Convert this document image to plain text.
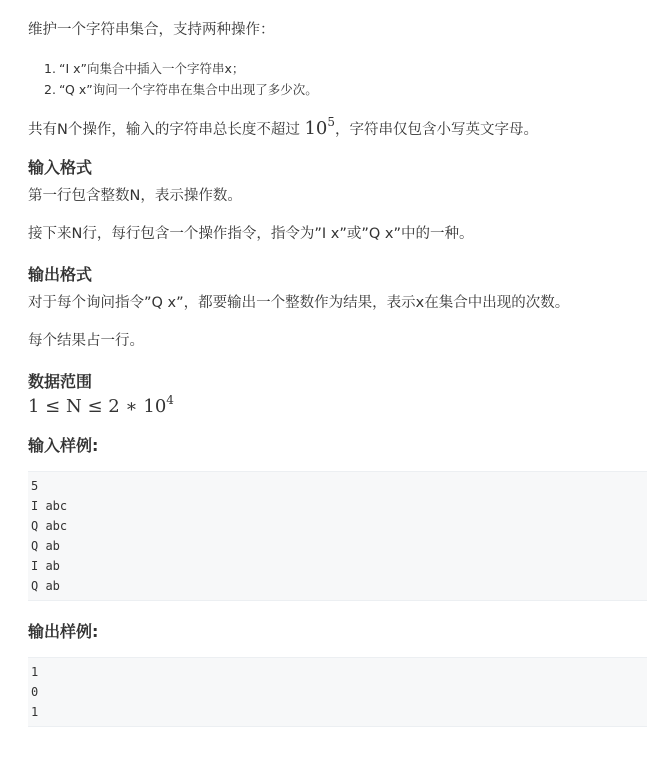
维护一个字符串集合，支持两种操作：

1. “I x”向集合中插入一个字符串x；
2. “Q x”询问一个字符串在集合中出现了多少次。

共有N个操作，输入的字符串总长度不超过 $10^5$，字符串仅包含小写英文字母。

输入格式

第一行包含整数N，表示操作数。

接下来N行，每行包含一个操作指令，指令为”I x”或”Q x”中的一种。

输出格式

对于每个询问指令”Q x”，都要输出一个整数作为结果，表示x在集合中出现的次数。

每个结果占一行。

数据范围
1 ≤ N ≤ 2 ∗ $10^4$
输入样例:
5
I abc
Q abc
Q ab
I ab
Q ab
输出样例:
1
0
1
